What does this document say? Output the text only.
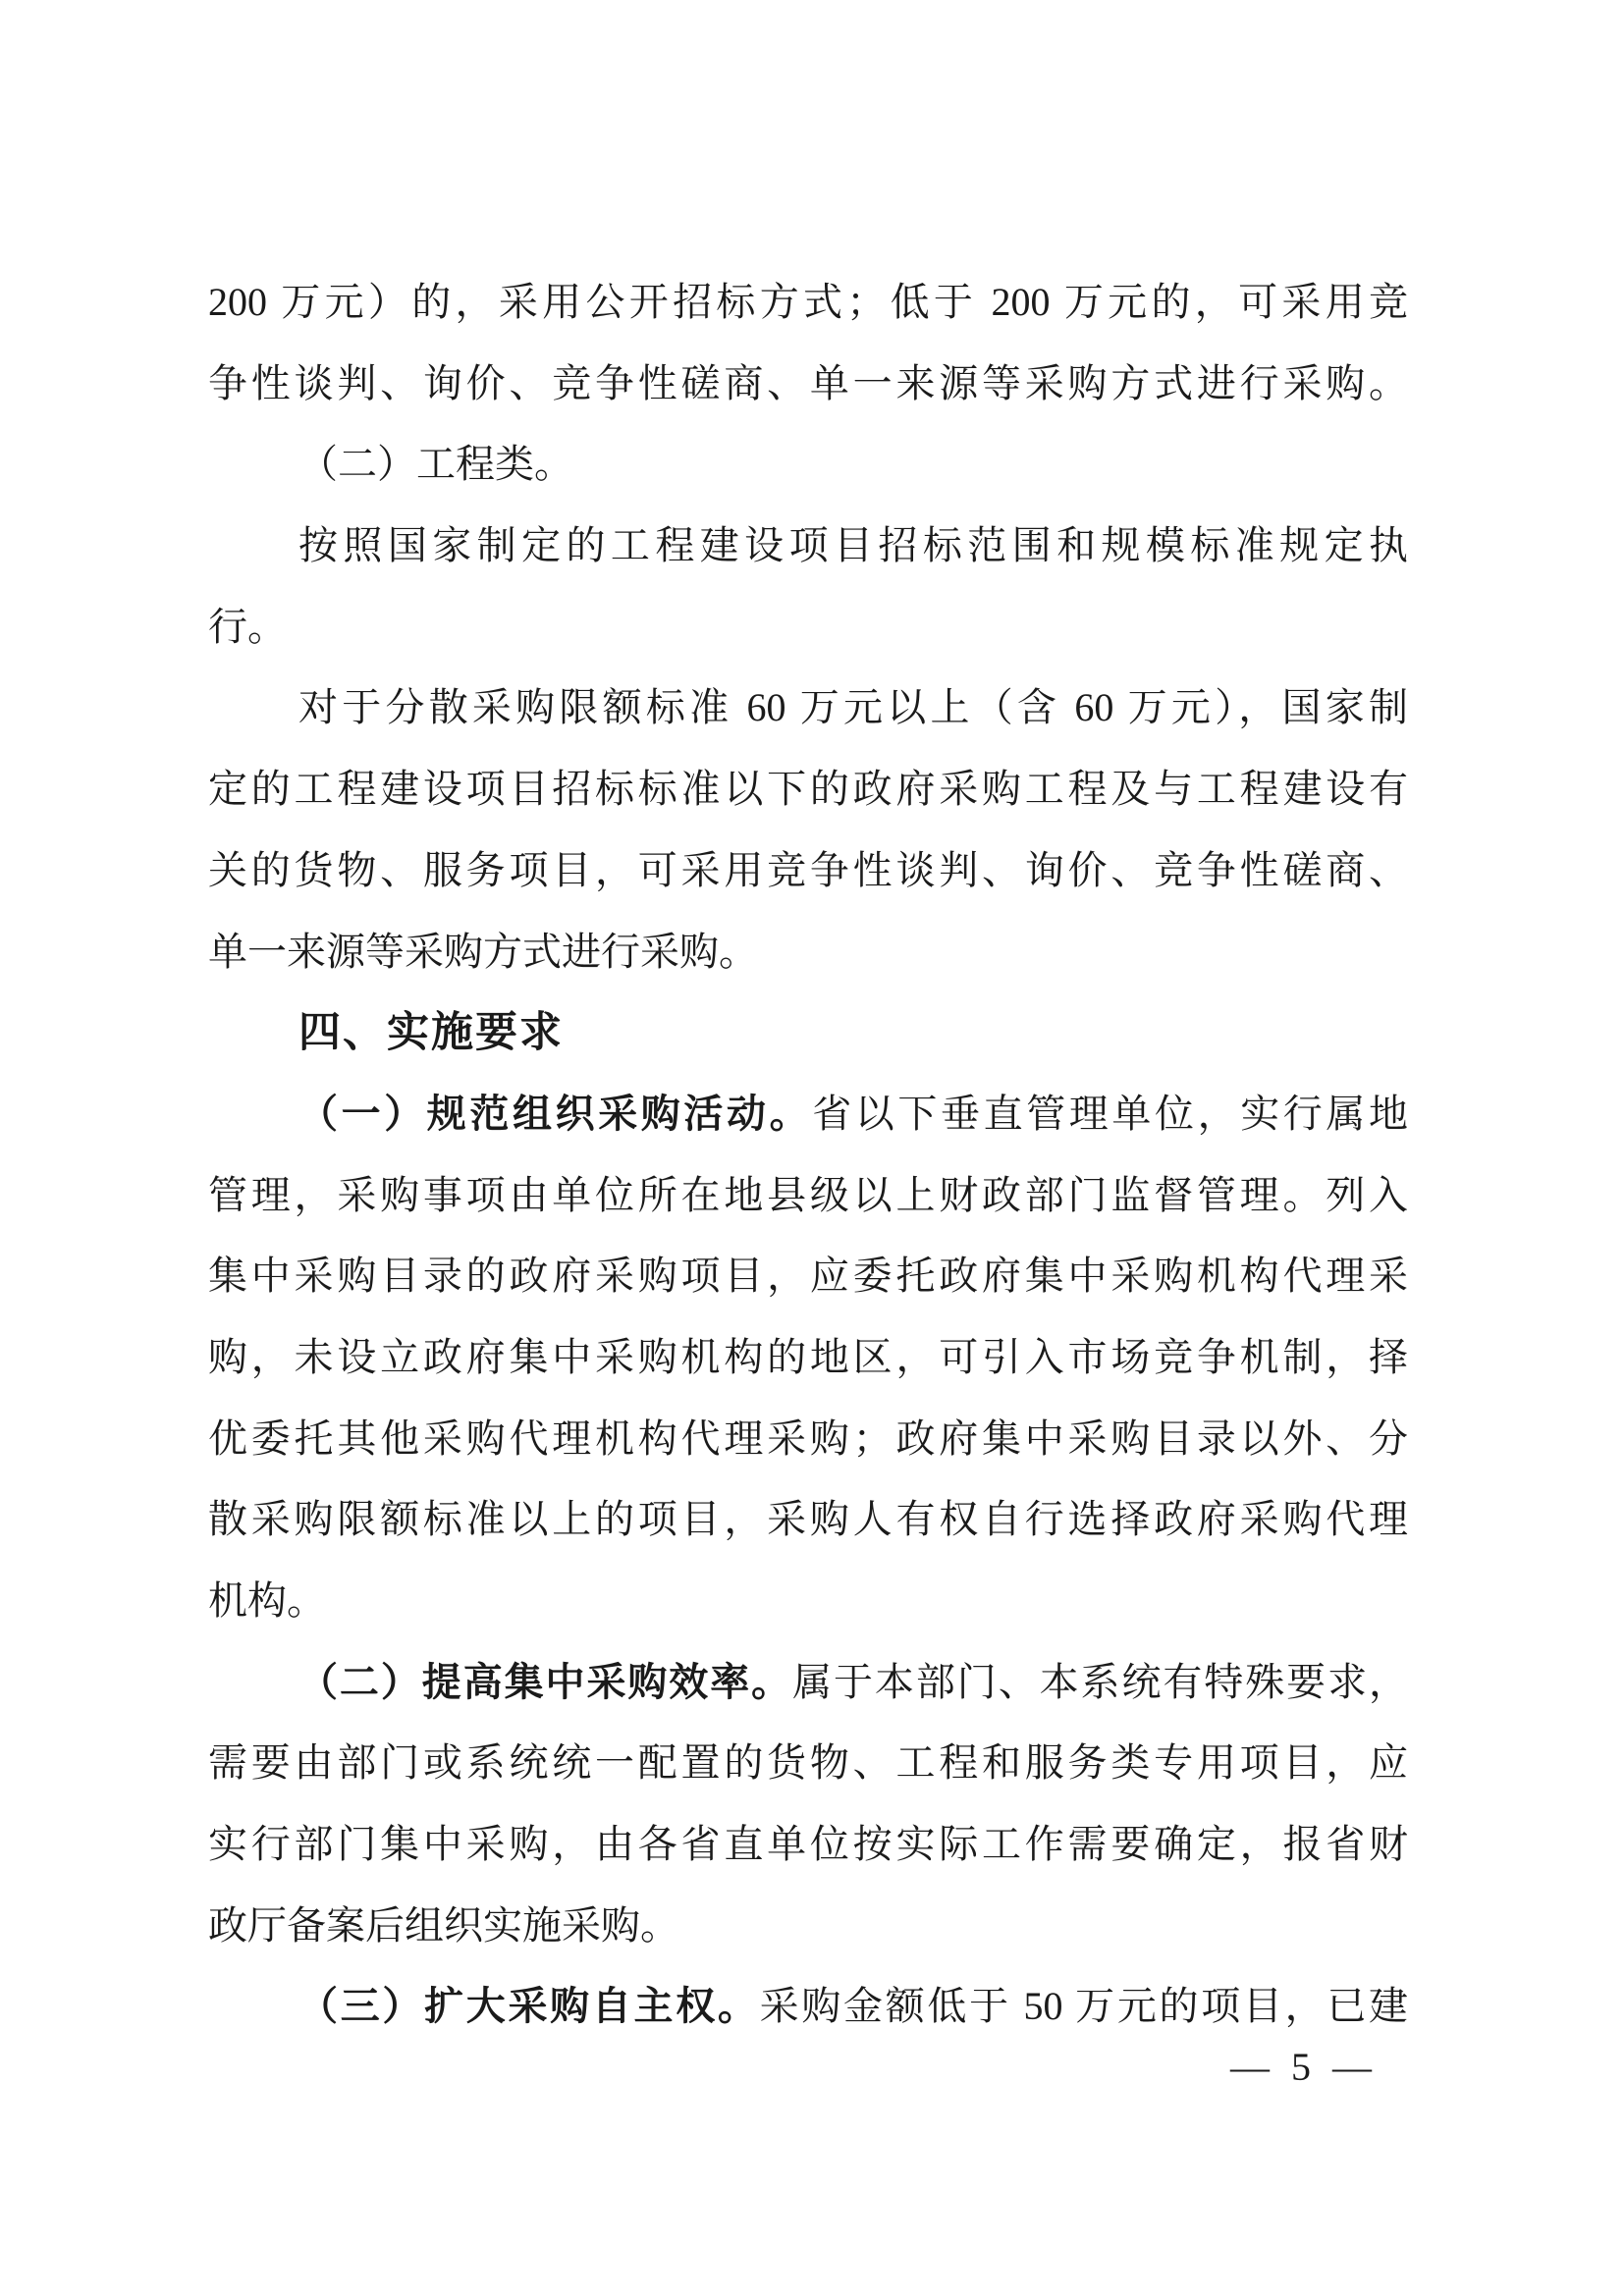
200 万元）的，采用公开招标方式；低于 200 万元的，可采用竞
争性谈判、询价、竞争性磋商、单一来源等采购方式进行采购。
（二）工程类。
按照国家制定的工程建设项目招标范围和规模标准规定执
行。
对于分散采购限额标准 60 万元以上（含 60 万元），国家制
定的工程建设项目招标标准以下的政府采购工程及与工程建设有
关的货物、服务项目，可采用竞争性谈判、询价、竞争性磋商、
单一来源等采购方式进行采购。
四、实施要求
（一）规范组织采购活动。省以下垂直管理单位，实行属地
管理，采购事项由单位所在地县级以上财政部门监督管理。列入
集中采购目录的政府采购项目，应委托政府集中采购机构代理采
购，未设立政府集中采购机构的地区，可引入市场竞争机制，择
优委托其他采购代理机构代理采购；政府集中采购目录以外、分
散采购限额标准以上的项目，采购人有权自行选择政府采购代理
机构。
（二）提高集中采购效率。属于本部门、本系统有特殊要求，
需要由部门或系统统一配置的货物、工程和服务类专用项目，应
实行部门集中采购，由各省直单位按实际工作需要确定，报省财
政厅备案后组织实施采购。
（三）扩大采购自主权。采购金额低于 50 万元的项目，已建
— 5 —
